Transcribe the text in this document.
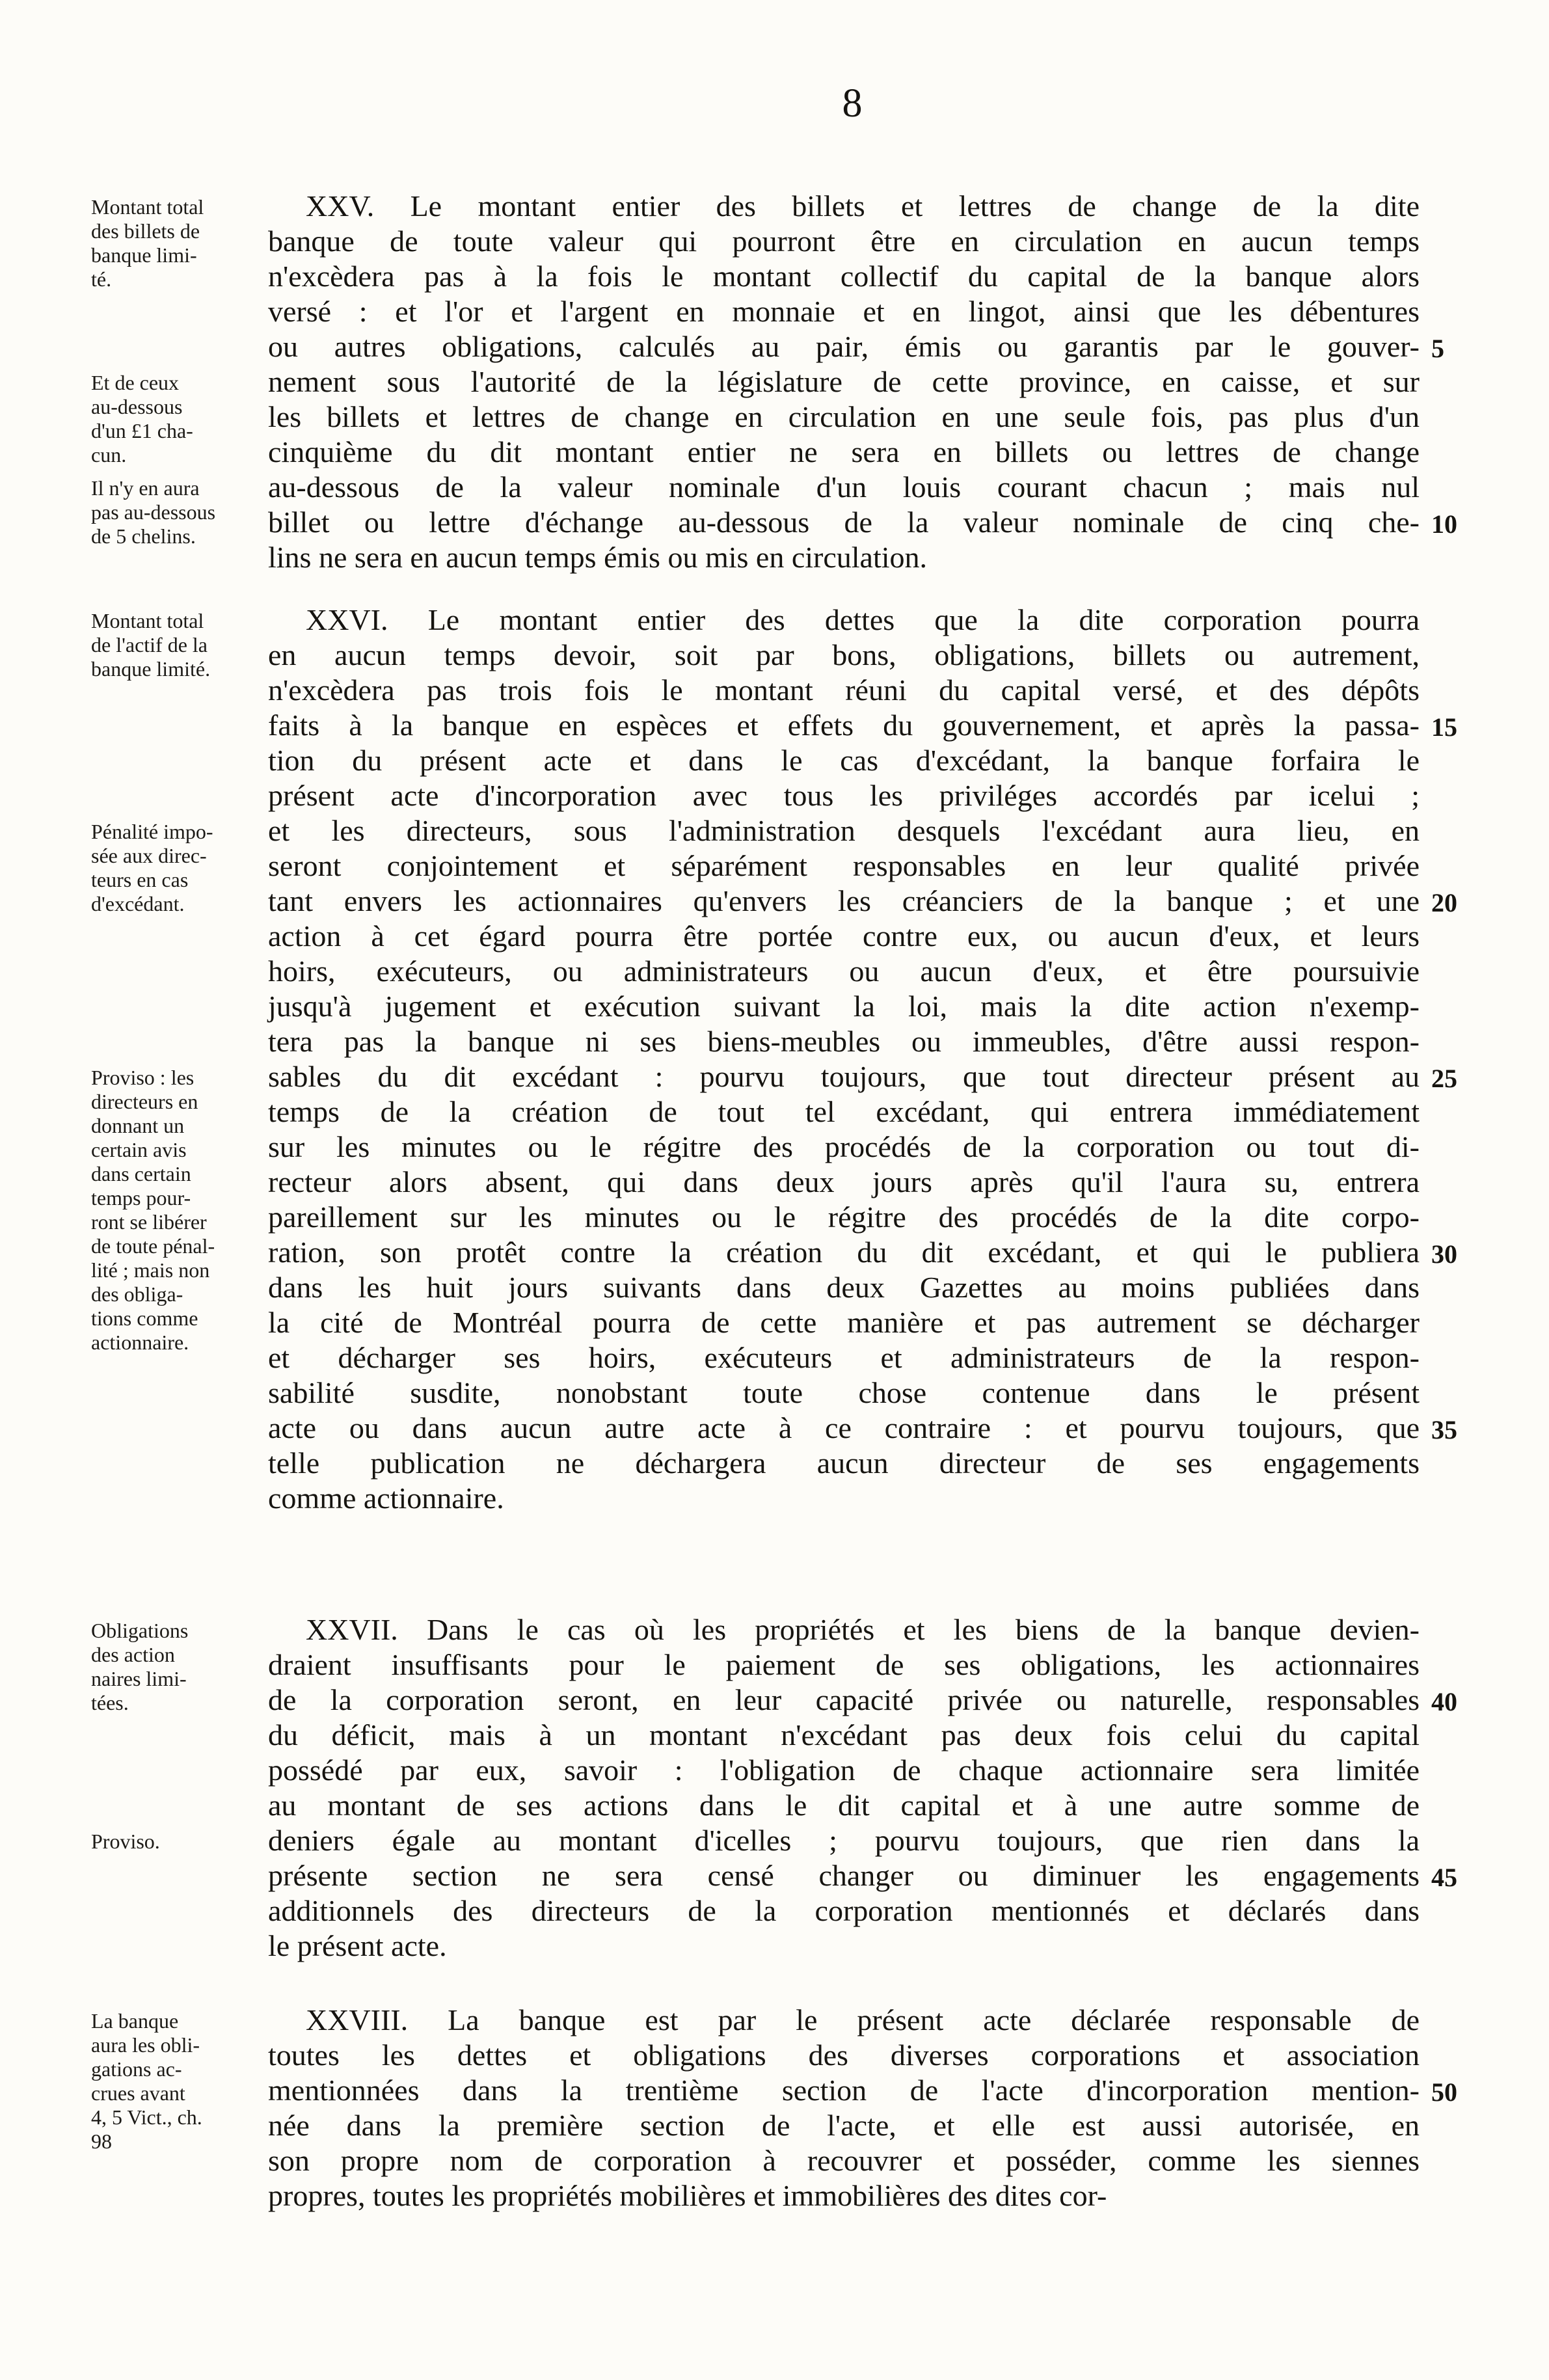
8
Montant total
des billets de
banque limi-
té.
Et de ceux
au-dessous
d'un £1 cha-
cun.
Il n'y en aura
pas au-dessous
de 5 chelins.
XXV. Le montant entier des billets et lettres de change de la dite
banque de toute valeur qui pourront être en circulation en aucun temps
n'excèdera pas à la fois le montant collectif du capital de la banque alors
versé : et l'or et l'argent en monnaie et en lingot, ainsi que les débentures
ou autres obligations, calculés au pair, émis ou garantis par le gouver-
nement sous l'autorité de la législature de cette province, en caisse, et sur
les billets et lettres de change en circulation en une seule fois, pas plus d'un
cinquième du dit montant entier ne sera en billets ou lettres de change
au-dessous de la valeur nominale d'un louis courant chacun ; mais nul
billet ou lettre d'échange au-dessous de la valeur nominale de cinq che-
lins ne sera en aucun temps émis ou mis en circulation.
5
10
Montant total
de l'actif de la
banque limité.
Pénalité impo-
sée aux direc-
teurs en cas
d'excédant.
Proviso : les
directeurs en
donnant un
certain avis
dans certain
temps pour-
ront se libérer
de toute pénal-
lité ; mais non
des obliga-
tions comme
actionnaire.
XXVI. Le montant entier des dettes que la dite corporation pourra
en aucun temps devoir, soit par bons, obligations, billets ou autrement,
n'excèdera pas trois fois le montant réuni du capital versé, et des dépôts
faits à la banque en espèces et effets du gouvernement, et après la passa-
tion du présent acte et dans le cas d'excédant, la banque forfaira le
présent acte d'incorporation avec tous les priviléges accordés par icelui ;
et les directeurs, sous l'administration desquels l'excédant aura lieu, en
seront conjointement et séparément responsables en leur qualité privée
tant envers les actionnaires qu'envers les créanciers de la banque ; et une
action à cet égard pourra être portée contre eux, ou aucun d'eux, et leurs
hoirs, exécuteurs, ou administrateurs ou aucun d'eux, et être poursuivie
jusqu'à jugement et exécution suivant la loi, mais la dite action n'exemp-
tera pas la banque ni ses biens-meubles ou immeubles, d'être aussi respon-
sables du dit excédant : pourvu toujours, que tout directeur présent au
temps de la création de tout tel excédant, qui entrera immédiatement
sur les minutes ou le régitre des procédés de la corporation ou tout di-
recteur alors absent, qui dans deux jours après qu'il l'aura su, entrera
pareillement sur les minutes ou le régitre des procédés de la dite corpo-
ration, son protêt contre la création du dit excédant, et qui le publiera
dans les huit jours suivants dans deux Gazettes au moins publiées dans
la cité de Montréal pourra de cette manière et pas autrement se décharger
et décharger ses hoirs, exécuteurs et administrateurs de la respon-
sabilité susdite, nonobstant toute chose contenue dans le présent
acte ou dans aucun autre acte à ce contraire : et pourvu toujours, que
telle publication ne déchargera aucun directeur de ses engagements
comme actionnaire.
15
20
25
30
35
Obligations
des action
naires limi-
tées.
Proviso.
XXVII. Dans le cas où les propriétés et les biens de la banque devien-
draient insuffisants pour le paiement de ses obligations, les actionnaires
de la corporation seront, en leur capacité privée ou naturelle, responsables
du déficit, mais à un montant n'excédant pas deux fois celui du capital
possédé par eux, savoir : l'obligation de chaque actionnaire sera limitée
au montant de ses actions dans le dit capital et à une autre somme de
deniers égale au montant d'icelles ; pourvu toujours, que rien dans la
présente section ne sera censé changer ou diminuer les engagements
additionnels des directeurs de la corporation mentionnés et déclarés dans
le présent acte.
40
45
La banque
aura les obli-
gations ac-
crues avant
4, 5 Vict., ch.
98
XXVIII. La banque est par le présent acte déclarée responsable de
toutes les dettes et obligations des diverses corporations et association
mentionnées dans la trentième section de l'acte d'incorporation mention-
née dans la première section de l'acte, et elle est aussi autorisée, en
son propre nom de corporation à recouvrer et posséder, comme les siennes
propres, toutes les propriétés mobilières et immobilières des dites cor-
50
